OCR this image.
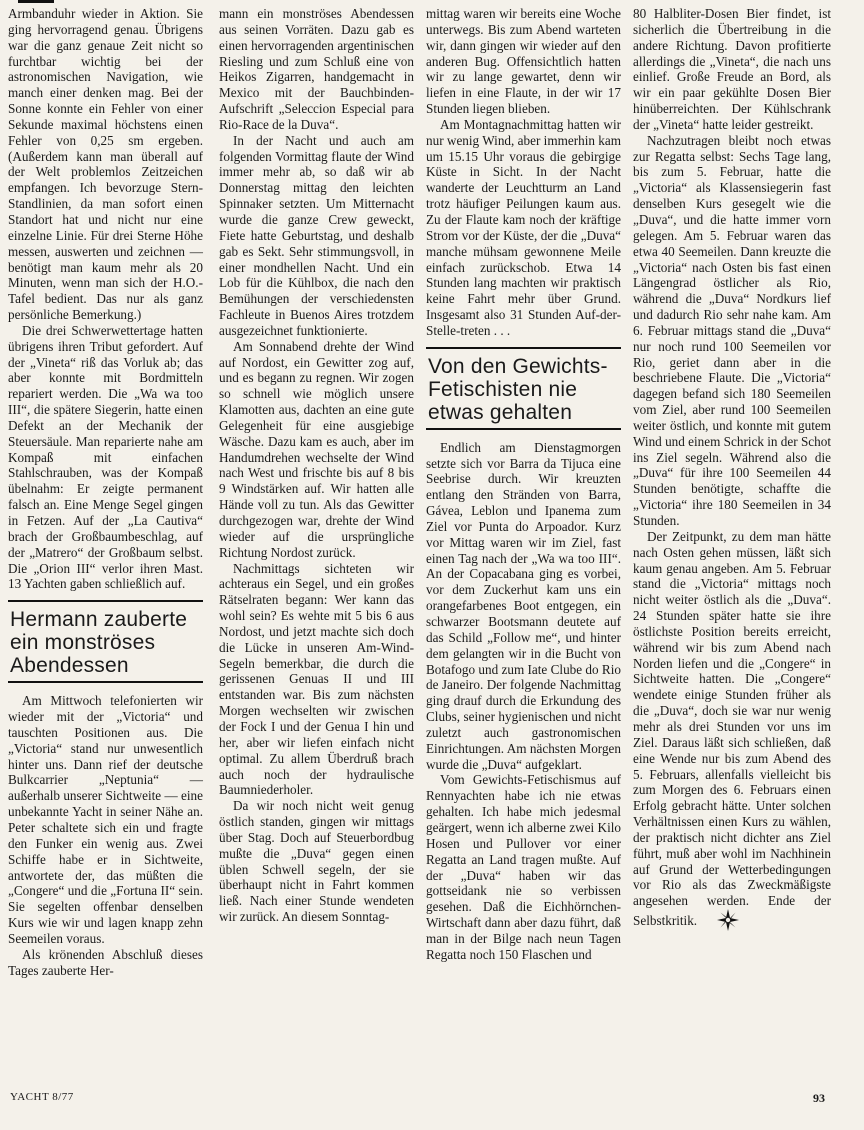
Armbanduhr wieder in Aktion. Sie ging hervorragend genau. Übrigens war die ganz genaue Zeit nicht so furchtbar wichtig bei der astronomischen Navigation, wie manch einer denken mag. Bei der Sonne konnte ein Fehler von einer Sekunde maximal höchstens einen Fehler von 0,25 sm ergeben. (Außerdem kann man überall auf der Welt problemlos Zeitzeichen empfangen. Ich bevorzuge Stern-Standlinien, da man sofort einen Standort hat und nicht nur eine einzelne Linie. Für drei Sterne Höhe messen, auswerten und zeichnen — benötigt man kaum mehr als 20 Minuten, wenn man sich der H.O.-Tafel bedient. Das nur als ganz persönliche Bemerkung.)

Die drei Schwerwettertage hatten übrigens ihren Tribut gefordert. Auf der „Vineta“ riß das Vorluk ab; das aber konnte mit Bordmitteln repariert werden. Die „Wa wa too III“, die spätere Siegerin, hatte einen Defekt an der Mechanik der Steuersäule. Man reparierte nahe am Kompaß mit einfachen Stahlschrauben, was der Kompaß übelnahm: Er zeigte permanent falsch an. Eine Menge Segel gingen in Fetzen. Auf der „La Cautiva“ brach der Großbaumbeschlag, auf der „Matrero“ der Großbaum selbst. Die „Orion III“ verlor ihren Mast. 13 Yachten gaben schließlich auf.

Hermann zauberte ein monströses Abendessen

Am Mittwoch telefonierten wir wieder mit der „Victoria“ und tauschten Positionen aus. Die „Victoria“ stand nur unwesentlich hinter uns. Dann rief der deutsche Bulkcarrier „Neptunia“ — außerhalb unserer Sichtweite — eine unbekannte Yacht in seiner Nähe an. Peter schaltete sich ein und fragte den Funker ein wenig aus. Zwei Schiffe habe er in Sichtweite, antwortete der, das müßten die „Congere“ und die „Fortuna II“ sein. Sie segelten offenbar denselben Kurs wie wir und lagen knapp zehn Seemeilen voraus.

Als krönenden Abschluß dieses Tages zauberte Her-

mann ein monströses Abendessen aus seinen Vorräten. Dazu gab es einen hervorragenden argentinischen Riesling und zum Schluß eine von Heikos Zigarren, handgemacht in Mexico mit der Bauchbinden-Aufschrift „Seleccion Especial para Rio-Race de la Duva“.

In der Nacht und auch am folgenden Vormittag flaute der Wind immer mehr ab, so daß wir ab Donnerstag mittag den leichten Spinnaker setzten. Um Mitternacht wurde die ganze Crew geweckt, Fiete hatte Geburtstag, und deshalb gab es Sekt. Sehr stimmungsvoll, in einer mondhellen Nacht. Und ein Lob für die Kühlbox, die nach den Bemühungen der verschiedensten Fachleute in Buenos Aires trotzdem ausgezeichnet funktionierte.

Am Sonnabend drehte der Wind auf Nordost, ein Gewitter zog auf, und es begann zu regnen. Wir zogen so schnell wie möglich unsere Klamotten aus, dachten an eine gute Gelegenheit für eine ausgiebige Wäsche. Dazu kam es auch, aber im Handumdrehen wechselte der Wind nach West und frischte bis auf 8 bis 9 Windstärken auf. Wir hatten alle Hände voll zu tun. Als das Gewitter durchgezogen war, drehte der Wind wieder auf die ursprüngliche Richtung Nordost zurück.

Nachmittags sichteten wir achteraus ein Segel, und ein großes Rätselraten begann: Wer kann das wohl sein? Es wehte mit 5 bis 6 aus Nordost, und jetzt machte sich doch die Lücke in unseren Am-Wind-Segeln bemerkbar, die durch die gerissenen Genuas II und III entstanden war. Bis zum nächsten Morgen wechselten wir zwischen der Fock I und der Genua I hin und her, aber wir liefen einfach nicht optimal. Zu allem Überdruß brach auch noch der hydraulische Baumniederholer.

Da wir noch nicht weit genug östlich standen, gingen wir mittags über Stag. Doch auf Steuerbordbug mußte die „Duva“ gegen einen üblen Schwell segeln, der sie überhaupt nicht in Fahrt kommen ließ. Nach einer Stunde wendeten wir zurück. An diesem Sonntag-

mittag waren wir bereits eine Woche unterwegs. Bis zum Abend warteten wir, dann gingen wir wieder auf den anderen Bug. Offensichtlich hatten wir zu lange gewartet, denn wir liefen in eine Flaute, in der wir 17 Stunden liegen blieben.

Am Montagnachmittag hatten wir nur wenig Wind, aber immerhin kam um 15.15 Uhr voraus die gebirgige Küste in Sicht. In der Nacht wanderte der Leuchtturm an Land trotz häufiger Peilungen kaum aus. Zu der Flaute kam noch der kräftige Strom vor der Küste, der die „Duva“ manche mühsam gewonnene Meile einfach zurückschob. Etwa 14 Stunden lang machten wir praktisch keine Fahrt mehr über Grund. Insgesamt also 31 Stunden Auf-der-Stelle-treten . . .

Von den Gewichts-Fetischisten nie etwas gehalten

Endlich am Dienstagmorgen setzte sich vor Barra da Tijuca eine Seebrise durch. Wir kreuzten entlang den Stränden von Barra, Gávea, Leblon und Ipanema zum Ziel vor Punta do Arpoador. Kurz vor Mittag waren wir im Ziel, fast einen Tag nach der „Wa wa too III“. An der Copacabana ging es vorbei, vor dem Zuckerhut kam uns ein orangefarbenes Boot entgegen, ein schwarzer Bootsmann deutete auf das Schild „Follow me“, und hinter dem gelangten wir in die Bucht von Botafogo und zum Iate Clube do Rio de Janeiro. Der folgende Nachmittag ging drauf durch die Erkundung des Clubs, seiner hygienischen und nicht zuletzt auch gastronomischen Einrichtungen. Am nächsten Morgen wurde die „Duva“ aufgeklart.

Vom Gewichts-Fetischismus auf Rennyachten habe ich nie etwas gehalten. Ich habe mich jedesmal geärgert, wenn ich alberne zwei Kilo Hosen und Pullover vor einer Regatta an Land tragen mußte. Auf der „Duva“ haben wir das gottseidank nie so verbissen gesehen. Daß die Eichhörnchen-Wirtschaft dann aber dazu führt, daß man in der Bilge nach neun Tagen Regatta noch 150 Flaschen und

80 Halbliter-Dosen Bier findet, ist sicherlich die Übertreibung in die andere Richtung. Davon profitierte allerdings die „Vineta“, die nach uns einlief. Große Freude an Bord, als wir ein paar gekühlte Dosen Bier hinüberreichten. Der Kühlschrank der „Vineta“ hatte leider gestreikt.

Nachzutragen bleibt noch etwas zur Regatta selbst: Sechs Tage lang, bis zum 5. Februar, hatte die „Victoria“ als Klassensiegerin fast denselben Kurs gesegelt wie die „Duva“, und die hatte immer vorn gelegen. Am 5. Februar waren das etwa 40 Seemeilen. Dann kreuzte die „Victoria“ nach Osten bis fast einen Längengrad östlicher als Rio, während die „Duva“ Nordkurs lief und dadurch Rio sehr nahe kam. Am 6. Februar mittags stand die „Duva“ nur noch rund 100 Seemeilen vor Rio, geriet dann aber in die beschriebene Flaute. Die „Victoria“ dagegen befand sich 180 Seemeilen vom Ziel, aber rund 100 Seemeilen weiter östlich, und konnte mit gutem Wind und einem Schrick in der Schot ins Ziel segeln. Während also die „Duva“ für ihre 100 Seemeilen 44 Stunden benötigte, schaffte die „Victoria“ ihre 180 Seemeilen in 34 Stunden.

Der Zeitpunkt, zu dem man hätte nach Osten gehen müssen, läßt sich kaum genau angeben. Am 5. Februar stand die „Victoria“ mittags noch nicht weiter östlich als die „Duva“. 24 Stunden später hatte sie ihre östlichste Position bereits erreicht, während wir bis zum Abend nach Norden liefen und die „Congere“ in Sichtweite hatten. Die „Congere“ wendete einige Stunden früher als die „Duva“, doch sie war nur wenig mehr als drei Stunden vor uns im Ziel. Daraus läßt sich schließen, daß eine Wende nur bis zum Abend des 5. Februars, allenfalls vielleicht bis zum Morgen des 6. Februars einen Erfolg gebracht hätte. Unter solchen Verhältnissen einen Kurs zu wählen, der praktisch nicht dichter ans Ziel führt, muß aber wohl im Nachhinein auf Grund der Wetterbedingungen vor Rio als das Zweckmäßigste angesehen werden. Ende der Selbstkritik.

YACHT 8/77	93
